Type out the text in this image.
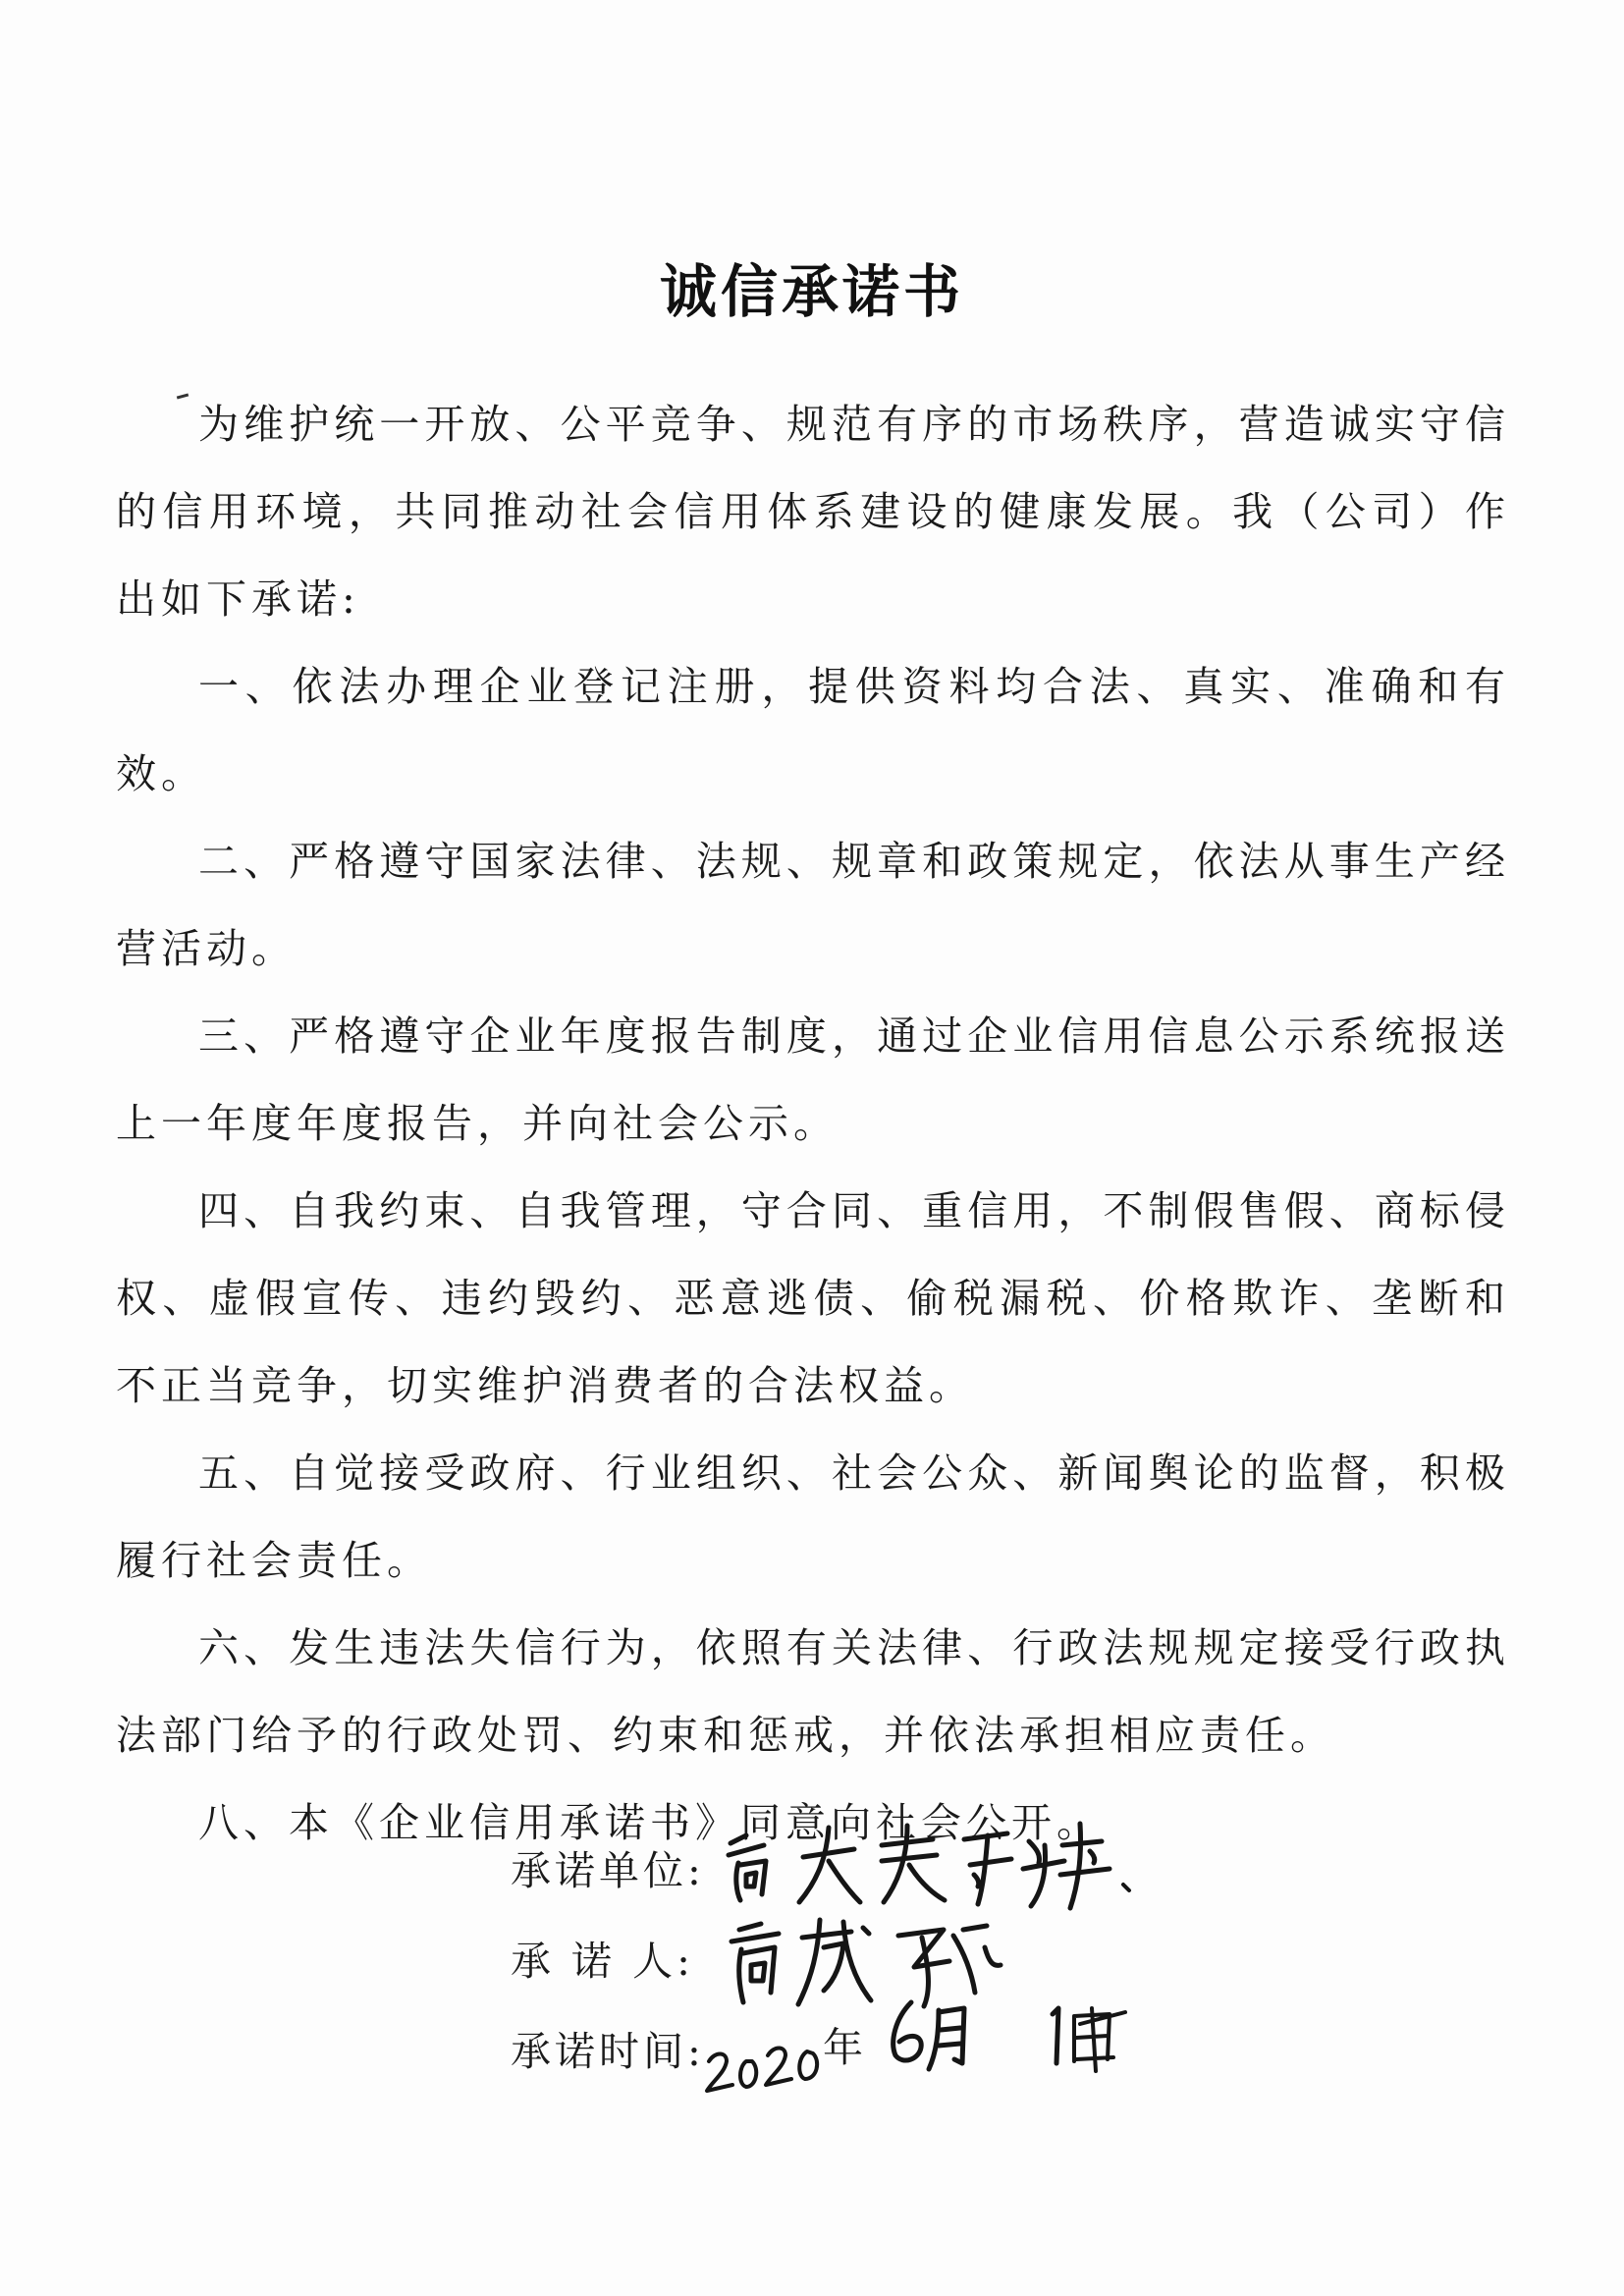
诚信承诺书

为维护统一开放、公平竞争、规范有序的市场秩序，营造诚实守信的信用环境，共同推动社会信用体系建设的健康发展。我（公司）作出如下承诺:

一、依法办理企业登记注册，提供资料均合法、真实、准确和有效。

二、严格遵守国家法律、法规、规章和政策规定，依法从事生产经营活动。

三、严格遵守企业年度报告制度，通过企业信用信息公示系统报送上一年度年度报告，并向社会公示。

四、自我约束、自我管理，守合同、重信用，不制假售假、商标侵权、虚假宣传、违约毁约、恶意逃债、偷税漏税、价格欺诈、垄断和不正当竞争，切实维护消费者的合法权益。

五、自觉接受政府、行业组织、社会公众、新闻舆论的监督，积极履行社会责任。

六、发生违法失信行为，依照有关法律、行政法规规定接受行政执法部门给予的行政处罚、约束和惩戒，并依法承担相应责任。

八、本《企业信用承诺书》同意向社会公开。

承诺单位:
承 诺 人:
承诺时间:	年
